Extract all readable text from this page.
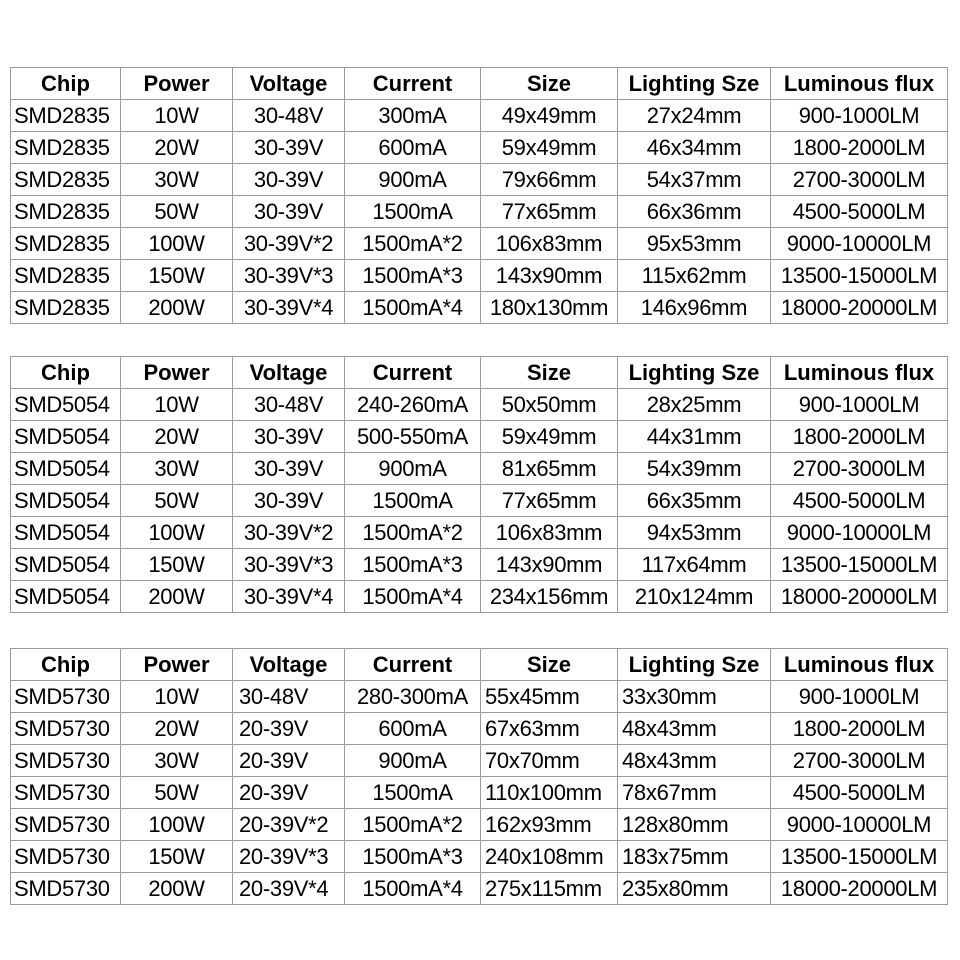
Chip	Power	Voltage	Current	Size	Lighting Sze	Luminous flux
SMD2835	10W	30-48V	300mA	49x49mm	27x24mm	900-1000LM
SMD2835	20W	30-39V	600mA	59x49mm	46x34mm	1800-2000LM
SMD2835	30W	30-39V	900mA	79x66mm	54x37mm	2700-3000LM
SMD2835	50W	30-39V	1500mA	77x65mm	66x36mm	4500-5000LM
SMD2835	100W	30-39V*2	1500mA*2	106x83mm	95x53mm	9000-10000LM
SMD2835	150W	30-39V*3	1500mA*3	143x90mm	115x62mm	13500-15000LM
SMD2835	200W	30-39V*4	1500mA*4	180x130mm	146x96mm	18000-20000LM
Chip	Power	Voltage	Current	Size	Lighting Sze	Luminous flux
SMD5054	10W	30-48V	240-260mA	50x50mm	28x25mm	900-1000LM
SMD5054	20W	30-39V	500-550mA	59x49mm	44x31mm	1800-2000LM
SMD5054	30W	30-39V	900mA	81x65mm	54x39mm	2700-3000LM
SMD5054	50W	30-39V	1500mA	77x65mm	66x35mm	4500-5000LM
SMD5054	100W	30-39V*2	1500mA*2	106x83mm	94x53mm	9000-10000LM
SMD5054	150W	30-39V*3	1500mA*3	143x90mm	117x64mm	13500-15000LM
SMD5054	200W	30-39V*4	1500mA*4	234x156mm	210x124mm	18000-20000LM
Chip	Power	Voltage	Current	Size	Lighting Sze	Luminous flux
SMD5730	10W	30-48V	280-300mA	55x45mm	33x30mm	900-1000LM
SMD5730	20W	20-39V	600mA	67x63mm	48x43mm	1800-2000LM
SMD5730	30W	20-39V	900mA	70x70mm	48x43mm	2700-3000LM
SMD5730	50W	20-39V	1500mA	110x100mm	78x67mm	4500-5000LM
SMD5730	100W	20-39V*2	1500mA*2	162x93mm	128x80mm	9000-10000LM
SMD5730	150W	20-39V*3	1500mA*3	240x108mm	183x75mm	13500-15000LM
SMD5730	200W	20-39V*4	1500mA*4	275x115mm	235x80mm	18000-20000LM
